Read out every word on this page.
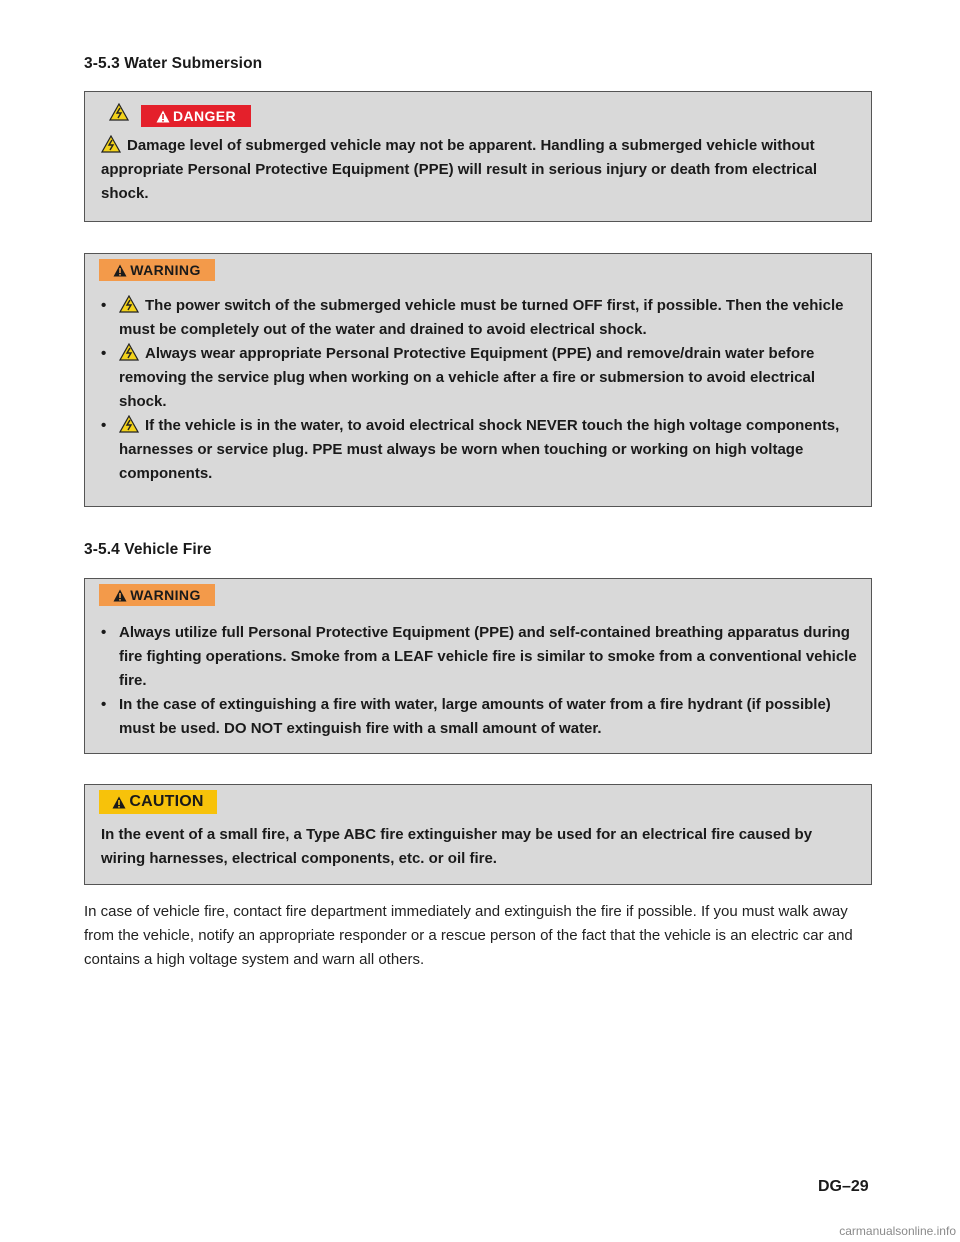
3-5.3 Water Submersion
DANGER
Damage level of submerged vehicle may not be apparent. Handling a submerged vehicle without appropriate Personal Protective Equipment (PPE) will result in serious injury or death from electrical shock.
WARNING
• The power switch of the submerged vehicle must be turned OFF first, if possible. Then the vehicle must be completely out of the water and drained to avoid electrical shock.
• Always wear appropriate Personal Protective Equipment (PPE) and remove/drain water before removing the service plug when working on a vehicle after a fire or submersion to avoid electrical shock.
• If the vehicle is in the water, to avoid electrical shock NEVER touch the high voltage components, harnesses or service plug. PPE must always be worn when touching or working on high voltage components.
3-5.4 Vehicle Fire
WARNING
• Always utilize full Personal Protective Equipment (PPE) and self-contained breathing apparatus during fire fighting operations. Smoke from a LEAF vehicle fire is similar to smoke from a conventional vehicle fire.
• In the case of extinguishing a fire with water, large amounts of water from a fire hydrant (if possible) must be used. DO NOT extinguish fire with a small amount of water.
CAUTION
In the event of a small fire, a Type ABC fire extinguisher may be used for an electrical fire caused by wiring harnesses, electrical components, etc. or oil fire.
In case of vehicle fire, contact fire department immediately and extinguish the fire if possible. If you must walk away from the vehicle, notify an appropriate responder or a rescue person of the fact that the vehicle is an electric car and contains a high voltage system and warn all others.
DG–29
carmanualsonline.info
